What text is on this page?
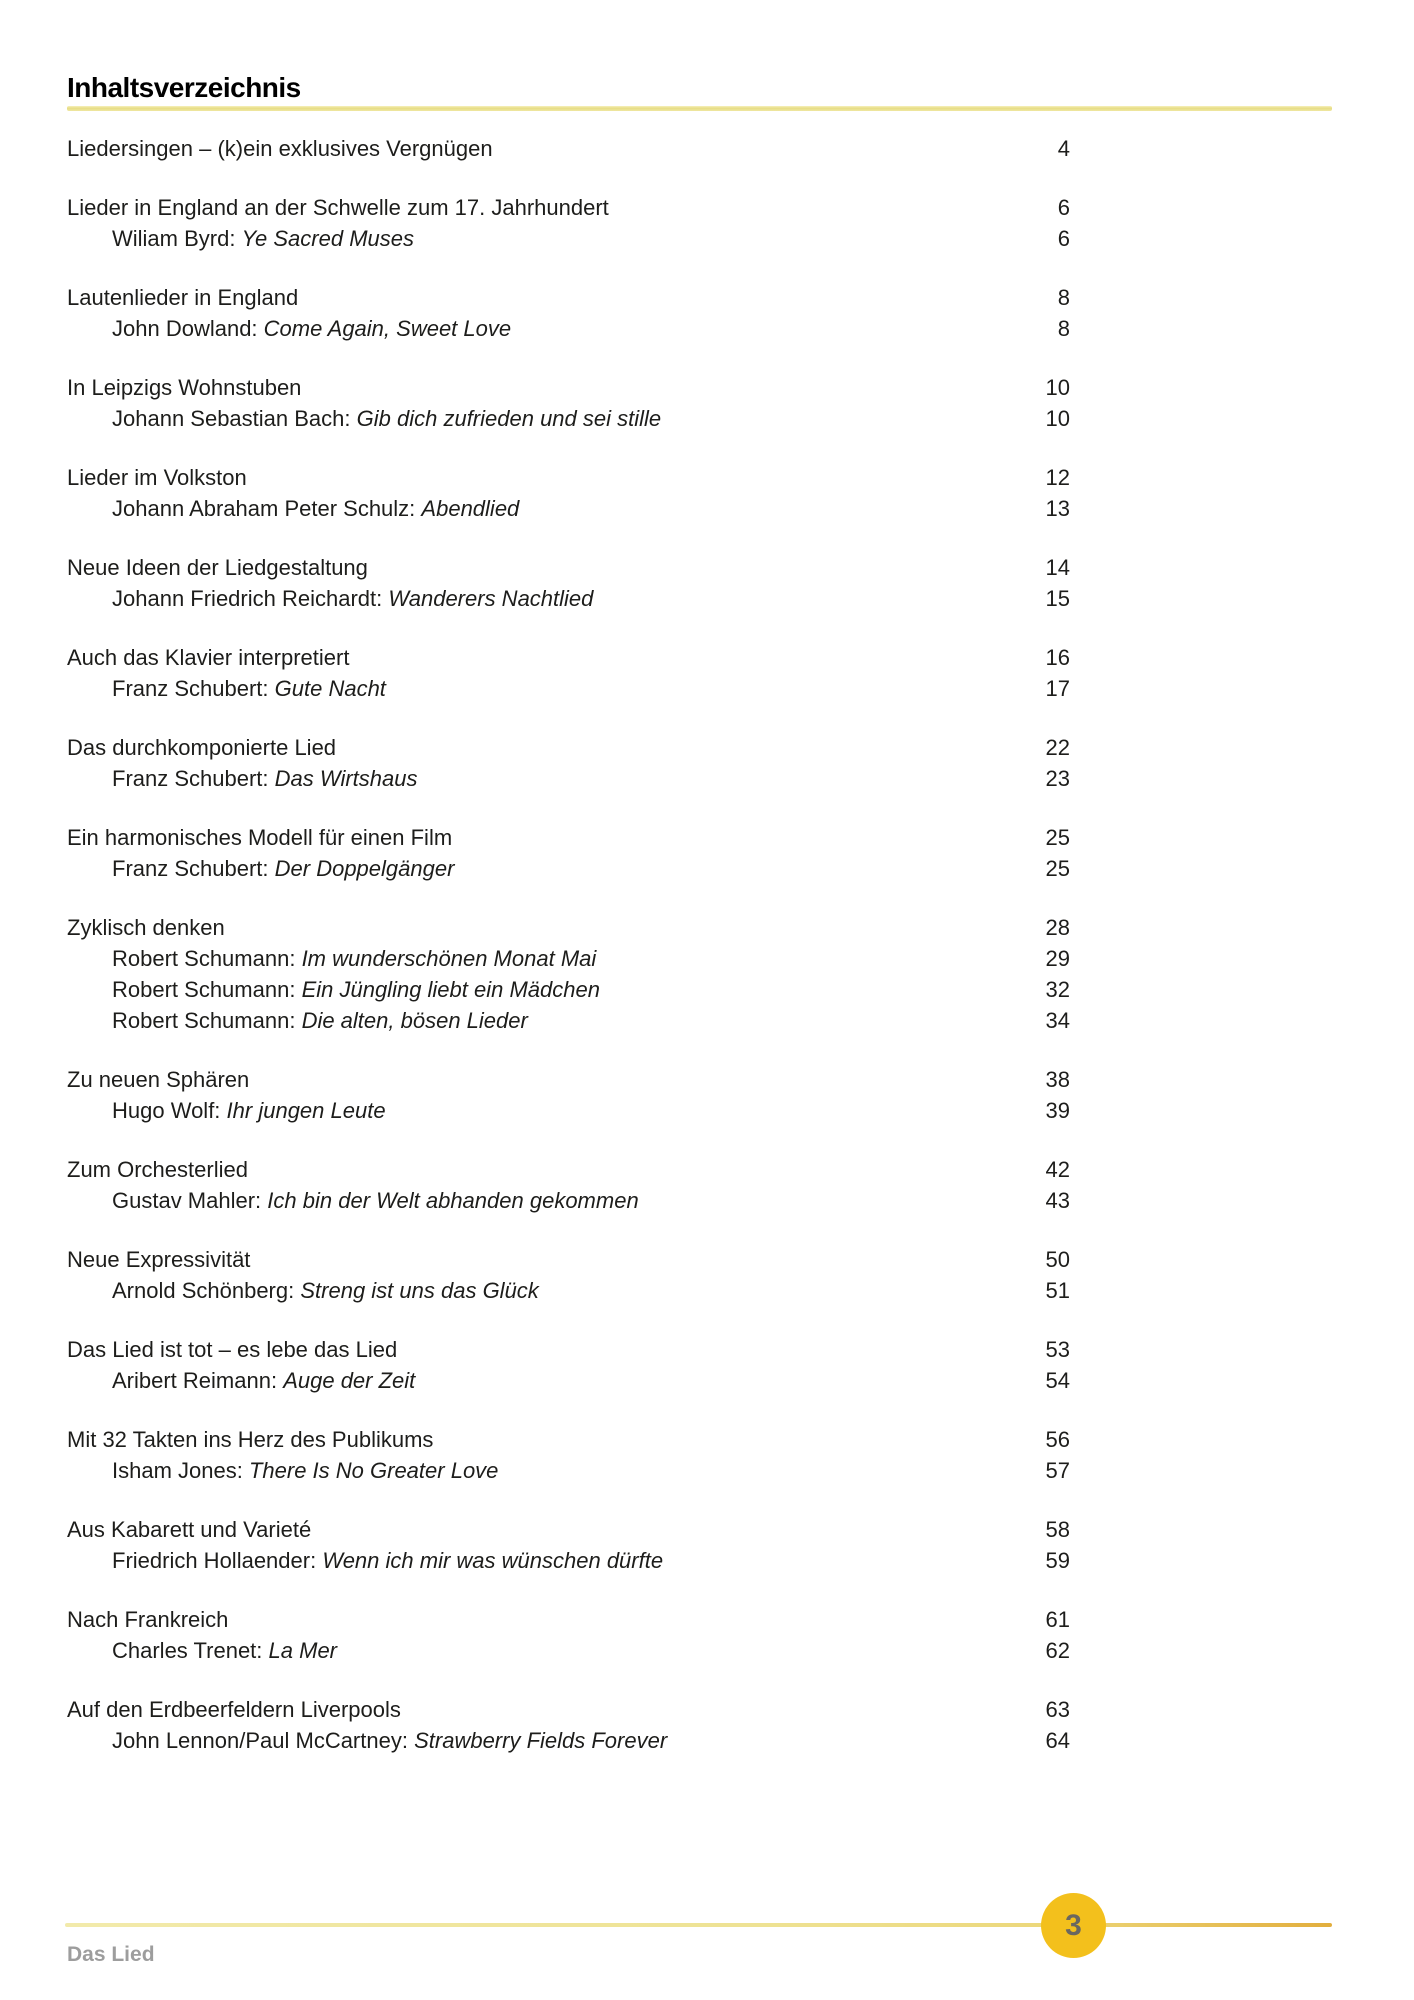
Inhaltsverzeichnis
Liedersingen – (k)ein exklusives Vergnügen	4
Lieder in England an der Schwelle zum 17. Jahrhundert	6
Wiliam Byrd: Ye Sacred Muses	6
Lautenlieder in England	8
John Dowland: Come Again, Sweet Love	8
In Leipzigs Wohnstuben	10
Johann Sebastian Bach: Gib dich zufrieden und sei stille	10
Lieder im Volkston	12
Johann Abraham Peter Schulz: Abendlied	13
Neue Ideen der Liedgestaltung	14
Johann Friedrich Reichardt: Wanderers Nachtlied	15
Auch das Klavier interpretiert	16
Franz Schubert: Gute Nacht	17
Das durchkomponierte Lied	22
Franz Schubert: Das Wirtshaus	23
Ein harmonisches Modell für einen Film	25
Franz Schubert: Der Doppelgänger	25
Zyklisch denken	28
Robert Schumann: Im wunderschönen Monat Mai	29
Robert Schumann: Ein Jüngling liebt ein Mädchen	32
Robert Schumann: Die alten, bösen Lieder	34
Zu neuen Sphären	38
Hugo Wolf: Ihr jungen Leute	39
Zum Orchesterlied	42
Gustav Mahler: Ich bin der Welt abhanden gekommen	43
Neue Expressivität	50
Arnold Schönberg: Streng ist uns das Glück	51
Das Lied ist tot – es lebe das Lied	53
Aribert Reimann: Auge der Zeit	54
Mit 32 Takten ins Herz des Publikums	56
Isham Jones: There Is No Greater Love	57
Aus Kabarett und Varieté	58
Friedrich Hollaender: Wenn ich mir was wünschen dürfte	59
Nach Frankreich	61
Charles Trenet: La Mer	62
Auf den Erdbeerfeldern Liverpools	63
John Lennon/Paul McCartney: Strawberry Fields Forever	64
3
Das Lied
